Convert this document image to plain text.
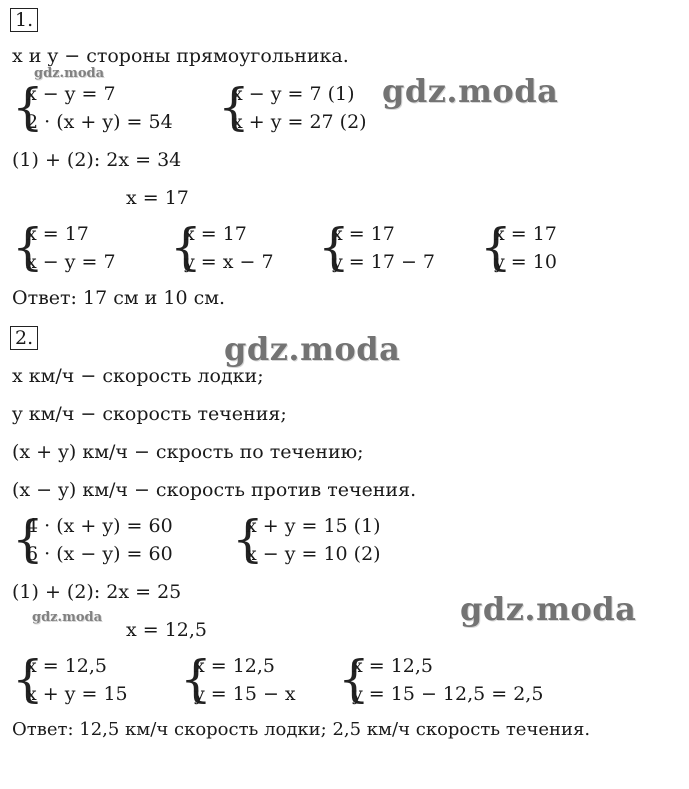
1.
x и y − стороны прямоугольника.
{
x − y = 7
2 · (x + y) = 54 {
x − y = 7 (1)
x + y = 27 (2)
(1) + (2): 2x = 34
x = 17
{
x = 17
x − y = 7 {
x = 17
y = x − 7 {
x = 17
y = 17 − 7 {
x = 17
y = 10
Ответ: 17 см и 10 см.
2.
x км/ч − скорость лодки;
y км/ч − скорость течения;
(x + y) км/ч − скрость по течению;
(x − y) км/ч − скорость против течения.
{
4 · (x + y) = 60
6 · (x − y) = 60 {
x + y = 15 (1)
x − y = 10 (2)
(1) + (2): 2x = 25
x = 12,5
{
x = 12,5
x + y = 15 {
x = 12,5
y = 15 − x {
x = 12,5
y = 15 − 12,5 = 2,5
Ответ: 12,5 км/ч скорость лодки; 2,5 км/ч скорость течения.
gdz.moda	gdz.moda
gdz.moda
gdz.moda	gdz.moda
